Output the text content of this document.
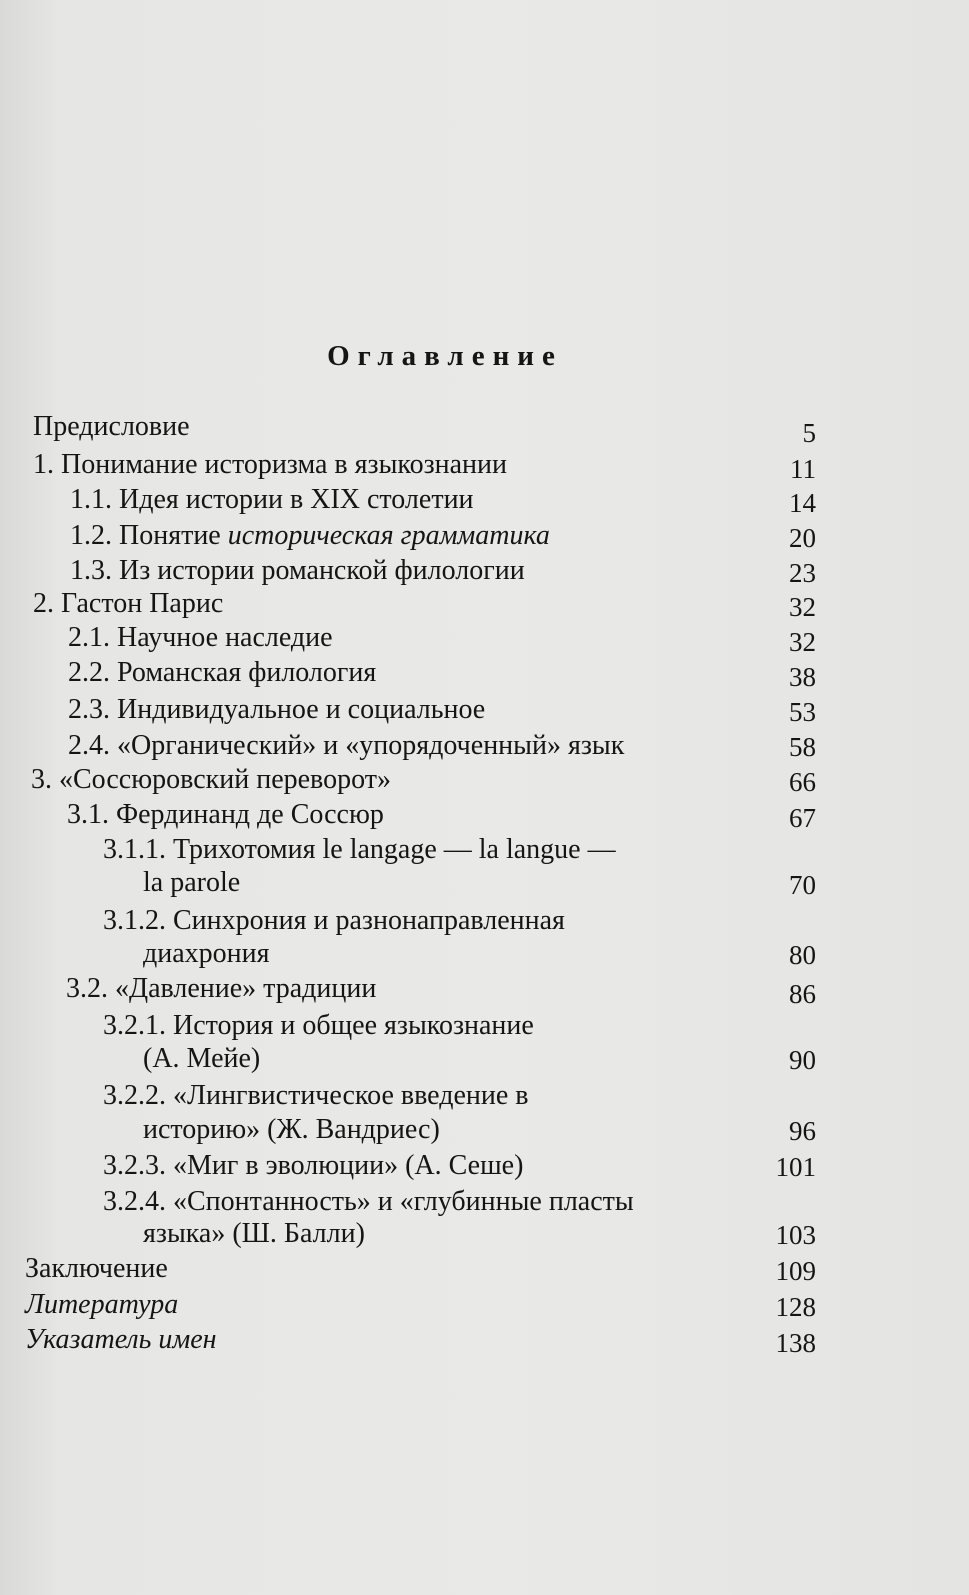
Оглавление
Предисловие	5
1. Понимание историзма в языкознании	11
1.1. Идея истории в XIX столетии	14
1.2. Понятие историческая грамматика	20
1.3. Из истории романской филологии	23
2. Гастон Парис	32
2.1. Научное наследие	32
2.2. Романская филология	38
2.3. Индивидуальное и социальное	53
2.4. «Органический» и «упорядоченный» язык	58
3. «Соссюровский переворот»	66
3.1. Фердинанд де Соссюр	67
3.1.1. Трихотомия le langage — la langue —
la parole	70
3.1.2. Синхрония и разнонаправленная
диахрония	80
3.2. «Давление» традиции	86
3.2.1. История и общее языкознание
(А. Мейе)	90
3.2.2. «Лингвистическое введение в
историю» (Ж. Вандриес)	96
3.2.3. «Миг в эволюции» (А. Сеше)	101
3.2.4. «Спонтанность» и «глубинные пласты
языка» (Ш. Балли)	103
Заключение	109
Литература	128
Указатель имен	138
